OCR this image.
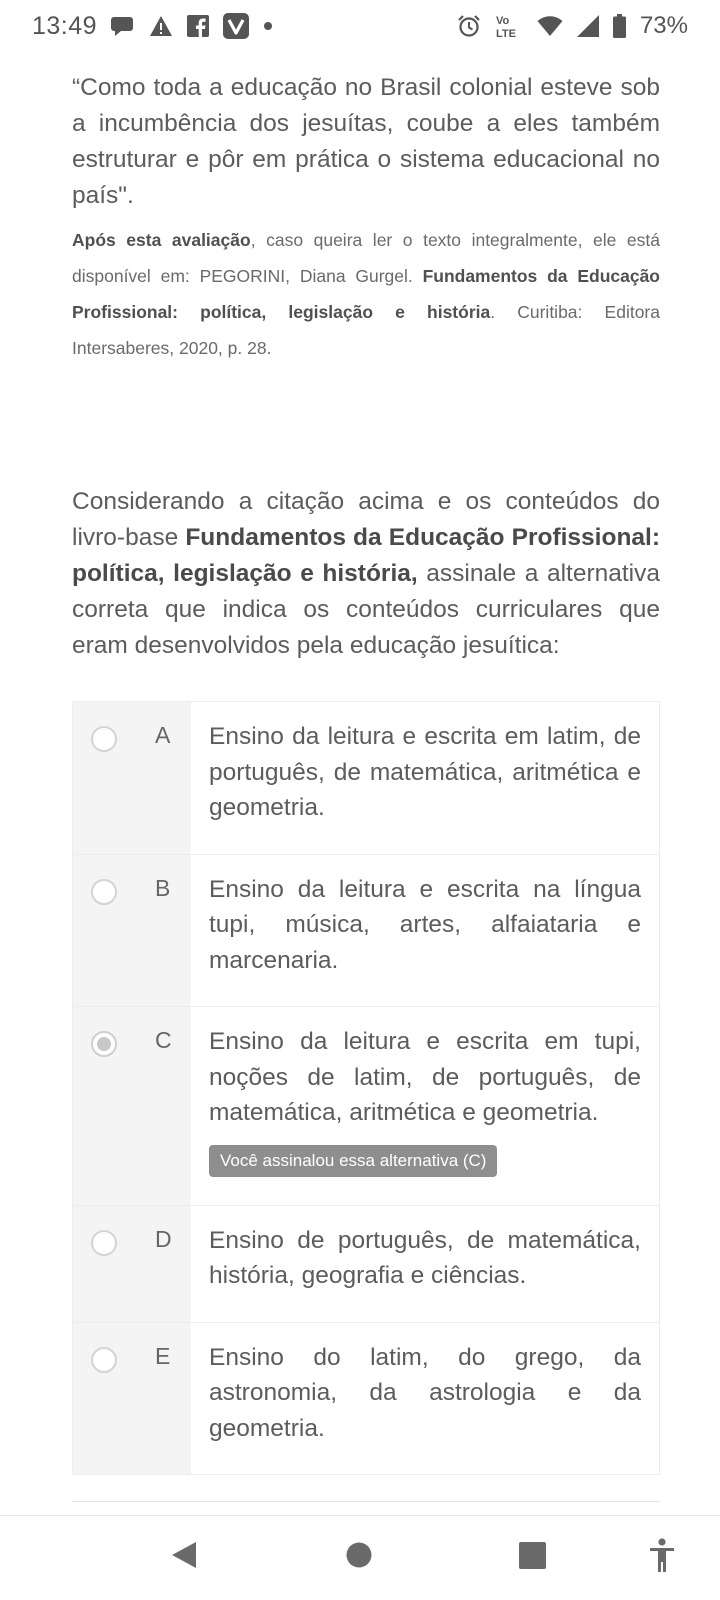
13:49	Vo
LTE	73%

“Como toda a educação no Brasil colonial esteve sob a incumbência dos jesuítas, coube a eles também estruturar e pôr em prática o sistema educacional no país".

Após esta avaliação, caso queira ler o texto integralmente, ele está disponível em: PEGORINI, Diana Gurgel. Fundamentos da Educação Profissional: política, legislação e história. Curitiba: Editora Intersaberes, 2020, p. 28.

Considerando a citação acima e os conteúdos do livro-base Fundamentos da Educação Profissional: política, legislação e história, assinale a alternativa correta que indica os conteúdos curriculares que eram desenvolvidos pela educação jesuítica:

A Ensino da leitura e escrita em latim, de português, de matemática, aritmética e geometria.

B Ensino da leitura e escrita na língua tupi, música, artes, alfaiataria e marcenaria.

C Ensino da leitura e escrita em tupi, noções de latim, de português, de matemática, aritmética e geometria.

Você assinalou essa alternativa (C)
D Ensino de português, de matemática, história, geografia e ciências.

E Ensino do latim, do grego, da astronomia, da astrologia e da geometria.
